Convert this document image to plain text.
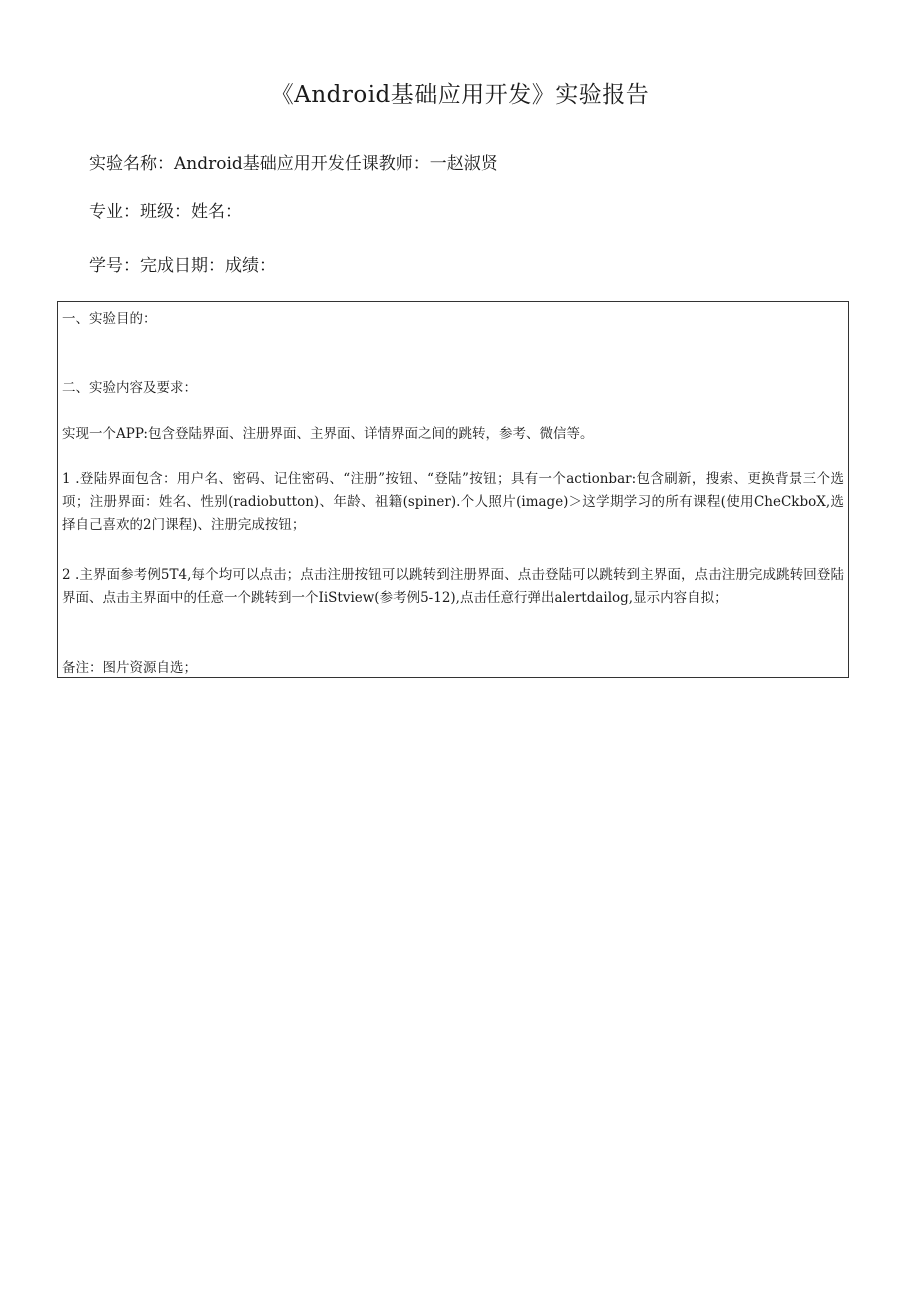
《Android基础应用开发》实验报告
实验名称：Android基础应用开发任课教师：一赵淑贤
专业：班级：姓名：
学号：完成日期：成绩：

一、实验目的：

二、实验内容及要求：

实现一个APP:包含登陆界面、注册界面、主界面、详情界面之间的跳转，参考、微信等。

1 .登陆界面包含：用户名、密码、记住密码、“注册”按钮、“登陆”按钮；具有一个actionbar:包含刷新，搜索、更换背景三个选项；注册界面：姓名、性别(radiobutton)、年龄、祖籍(spiner).个人照片(image)＞这学期学习的所有课程(使用CheCkboX,选择自己喜欢的2门课程)、注册完成按钮；

2 .主界面参考例5T4,每个均可以点击；点击注册按钮可以跳转到注册界面、点击登陆可以跳转到主界面，点击注册完成跳转回登陆界面、点击主界面中的任意一个跳转到一个IiStview(参考例5-12),点击任意行弹出alertdailog,显示内容自拟；

备注：图片资源自选；
